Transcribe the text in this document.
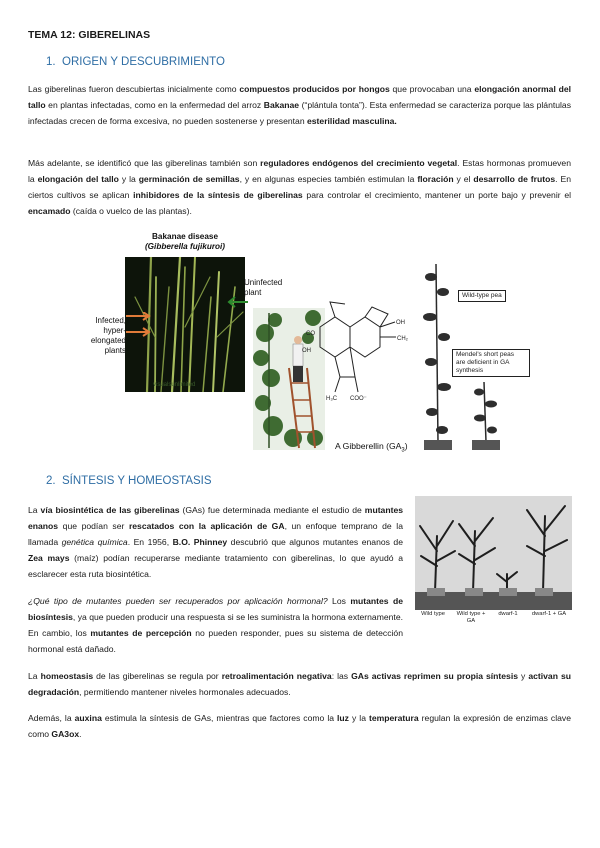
TEMA 12: GIBERELINAS
1. ORIGEN Y DESCUBRIMIENTO

Las giberelinas fueron descubiertas inicialmente como compuestos producidos por hongos que provocaban una elongación anormal del tallo en plantas infectadas, como en la enfermedad del arroz Bakanae (“plántula tonta”). Esta enfermedad se caracteriza porque las plántulas infectadas crecen de forma excesiva, no pueden sostenerse y presentan esterilidad masculina.

Más adelante, se identificó que las giberelinas también son reguladores endógenos del crecimiento vegetal. Estas hormonas promueven la elongación del tallo y la germinación de semillas, y en algunas especies también estimulan la floración y el desarrollo de frutos. En ciertos cultivos se aplican inhibidores de la síntesis de giberelinas para controlar el crecimiento, mantener un porte bajo y prevenir el encamado (caída o vuelco de las plantas).

Bakanae disease
(Gibberella fujikuroi)
visualsunlimited
Infected,
hyper-
elongated
plants
Uninfected
plant
OH
CO
OH
CH₂
H₃C COO⁻
A Gibberellin $(GA_3)$
Wild-type pea
Mendel's short peas
are deficient in GA
synthesis
2. SÍNTESIS Y HOMEOSTASIS

La vía biosintética de las giberelinas (GAs) fue determinada mediante el estudio de mutantes enanos que podían ser rescatados con la aplicación de GA, un enfoque temprano de la llamada genética química. En 1956, B.O. Phinney descubrió que algunos mutantes enanos de Zea mays (maíz) podían recuperarse mediante tratamiento con giberelinas, lo que ayudó a esclarecer esta ruta biosintética.

¿Qué tipo de mutantes pueden ser recuperados por aplicación hormonal? Los mutantes de biosíntesis, ya que pueden producir una respuesta si se les suministra la hormona externamente. En cambio, los mutantes de percepción no pueden responder, pues su sistema de detección hormonal está dañado.

Wild type	Wild type + GA
dwarf-1	dwarf-1 + GA

La homeostasis de las giberelinas se regula por retroalimentación negativa: las GAs activas reprimen su propia síntesis y activan su degradación, permitiendo mantener niveles hormonales adecuados.

Además, la auxina estimula la síntesis de GAs, mientras que factores como la luz y la temperatura regulan la expresión de enzimas clave como GA3ox.
